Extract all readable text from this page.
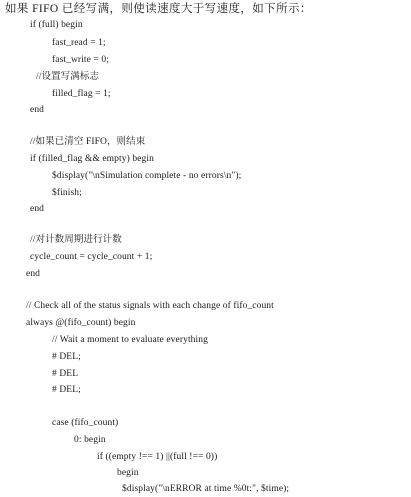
如果 FIFO 已经写满，则使读速度大于写速度，如下所示：
if (full) begin
fast_read = 1;
fast_write = 0;
//设置写满标志
filled_flag = 1;
end
//如果已清空 FIFO，则结束
if (filled_flag && empty) begin
$display("\nSimulation complete - no errors\n");
$finish;
end
//对计数周期进行计数
cycle_count = cycle_count + 1;
end
// Check all of the status signals with each change of fifo_count
always @(fifo_count) begin
// Wait a moment to evaluate everything
# DEL;
# DEL
# DEL;
case (fifo_count)
0: begin
if ((empty !== 1) ||(full !== 0))
begin
$display("\nERROR at time %0t:", $time);
